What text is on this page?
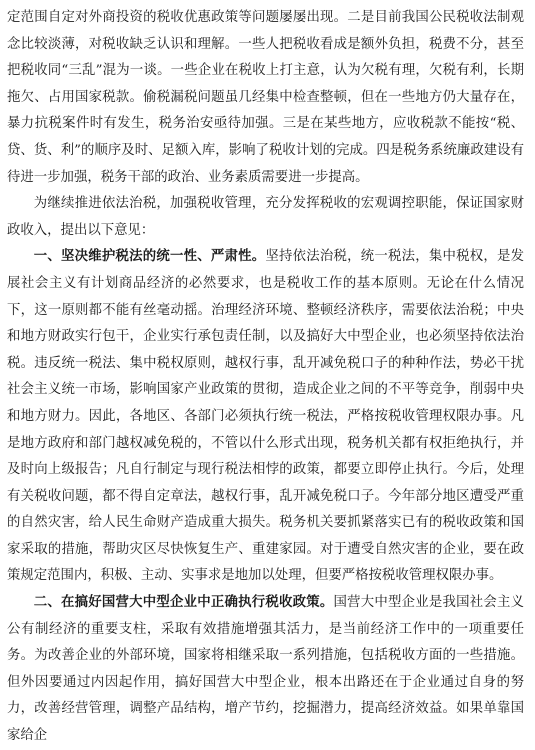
定范围自定对外商投资的税收优惠政策等问题屡屡出现。二是目前我国公民税收法制观念比较淡薄，对税收缺乏认识和理解。一些人把税收看成是额外负担，税费不分，甚至把税收同“三乱”混为一谈。一些企业在税收上打主意，认为欠税有理，欠税有利，长期拖欠、占用国家税款。偷税漏税问题虽几经集中检查整顿，但在一些地方仍大量存在，暴力抗税案件时有发生，税务治安亟待加强。三是在某些地方，应收税款不能按“税、贷、货、利”的顺序及时、足额入库，影响了税收计划的完成。四是税务系统廉政建设有待进一步加强，税务干部的政治、业务素质需要进一步提高。

为继续推进依法治税，加强税收管理，充分发挥税收的宏观调控职能，保证国家财政收入，提出以下意见：

一、坚决维护税法的统一性、严肃性。坚持依法治税，统一税法，集中税权，是发展社会主义有计划商品经济的必然要求，也是税收工作的基本原则。无论在什么情况下，这一原则都不能有丝毫动摇。治理经济环境、整顿经济秩序，需要依法治税；中央和地方财政实行包干，企业实行承包责任制，以及搞好大中型企业，也必须坚持依法治税。违反统一税法、集中税权原则，越权行事，乱开减免税口子的种种作法，势必干扰社会主义统一市场，影响国家产业政策的贯彻，造成企业之间的不平等竞争，削弱中央和地方财力。因此，各地区、各部门必须执行统一税法，严格按税收管理权限办事。凡是地方政府和部门越权减免税的，不管以什么形式出现，税务机关都有权拒绝执行，并及时向上级报告；凡自行制定与现行税法相悖的政策，都要立即停止执行。今后，处理有关税收问题，都不得自定章法，越权行事，乱开减免税口子。今年部分地区遭受严重的自然灾害，给人民生命财产造成重大损失。税务机关要抓紧落实已有的税收政策和国家采取的措施，帮助灾区尽快恢复生产、重建家园。对于遭受自然灾害的企业，要在政策规定范围内，积极、主动、实事求是地加以处理，但要严格按税收管理权限办事。

二、在搞好国营大中型企业中正确执行税收政策。国营大中型企业是我国社会主义公有制经济的重要支柱，采取有效措施增强其活力，是当前经济工作中的一项重要任务。为改善企业的外部环境，国家将相继采取一系列措施，包括税收方面的一些措施。但外因要通过内因起作用，搞好国营大中型企业，根本出路还在于企业通过自身的努力，改善经营管理，调整产品结构，增产节约，挖掘潜力，提高经济效益。如果单靠国家给企
